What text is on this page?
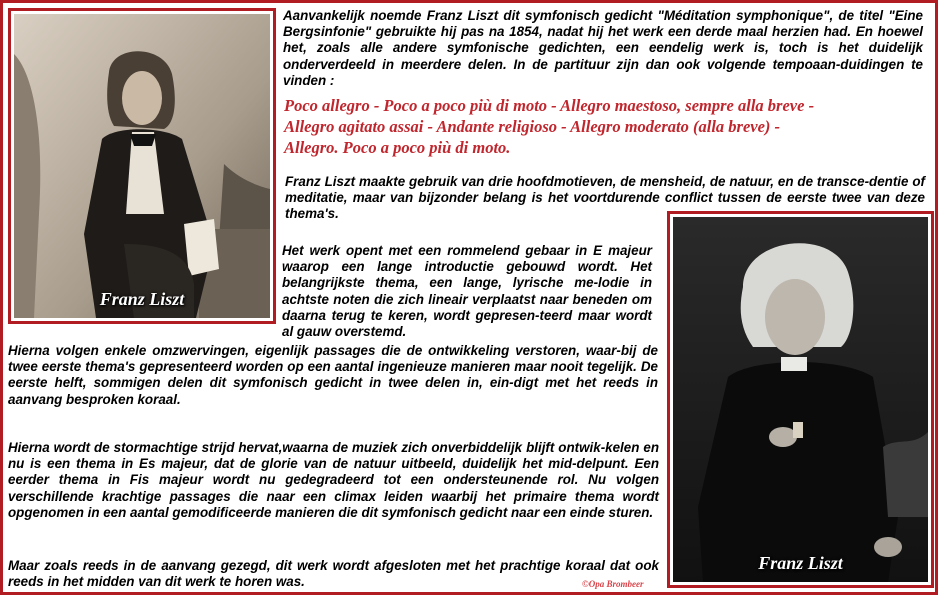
Franz Liszt
Franz Liszt

Aanvankelijk noemde Franz Liszt dit symfonisch gedicht "Méditation symphonique", de titel "Eine Bergsinfonie" gebruikte hij pas na 1854, nadat hij het werk een derde maal herzien had. En hoewel het, zoals alle andere symfonische gedichten, een eendelig werk is, toch is het duidelijk onderverdeeld in meerdere delen. In de partituur zijn dan ook volgende tempoaan-duidingen te vinden :

Poco allegro - Poco a poco più di moto - Allegro maestoso, sempre alla breve -
Allegro agitato assai - Andante religioso - Allegro moderato (alla breve) -
Allegro. Poco a poco più di moto.

Franz Liszt maakte gebruik van drie hoofdmotieven, de mensheid, de natuur, en de transce-dentie of meditatie, maar van bijzonder belang is het voortdurende conflict tussen de eerste twee van deze thema's.

Het werk opent met een rommelend gebaar in E majeur waarop een lange introductie gebouwd wordt. Het belangrijkste thema, een lange, lyrische me-lodie in achtste noten die zich lineair verplaatst naar beneden om daarna terug te keren, wordt gepresen-teerd maar wordt al gauw overstemd.

Hierna volgen enkele omzwervingen, eigenlijk passages die de ontwikkeling verstoren, waar-bij de twee eerste thema's gepresenteerd worden op een aantal ingenieuze manieren maar nooit tegelijk. De eerste helft, sommigen delen dit symfonisch gedicht in twee delen in, ein-digt met het reeds in aanvang besproken koraal.

Hierna wordt de stormachtige strijd hervat,waarna de muziek zich onverbiddelijk blijft ontwik-kelen en nu is een thema in Es majeur, dat de glorie van de natuur uitbeeld, duidelijk het mid-delpunt. Een eerder thema in Fis majeur wordt nu gedegradeerd tot een ondersteunende rol. Nu volgen verschillende krachtige passages die naar een climax leiden waarbij het primaire thema wordt opgenomen in een aantal gemodificeerde manieren die dit symfonisch gedicht naar een einde sturen.

Maar zoals reeds in de aanvang gezegd, dit werk wordt afgesloten met het prachtige koraal dat ook reeds in het midden van dit werk te horen was.	©Opa Brombeer
